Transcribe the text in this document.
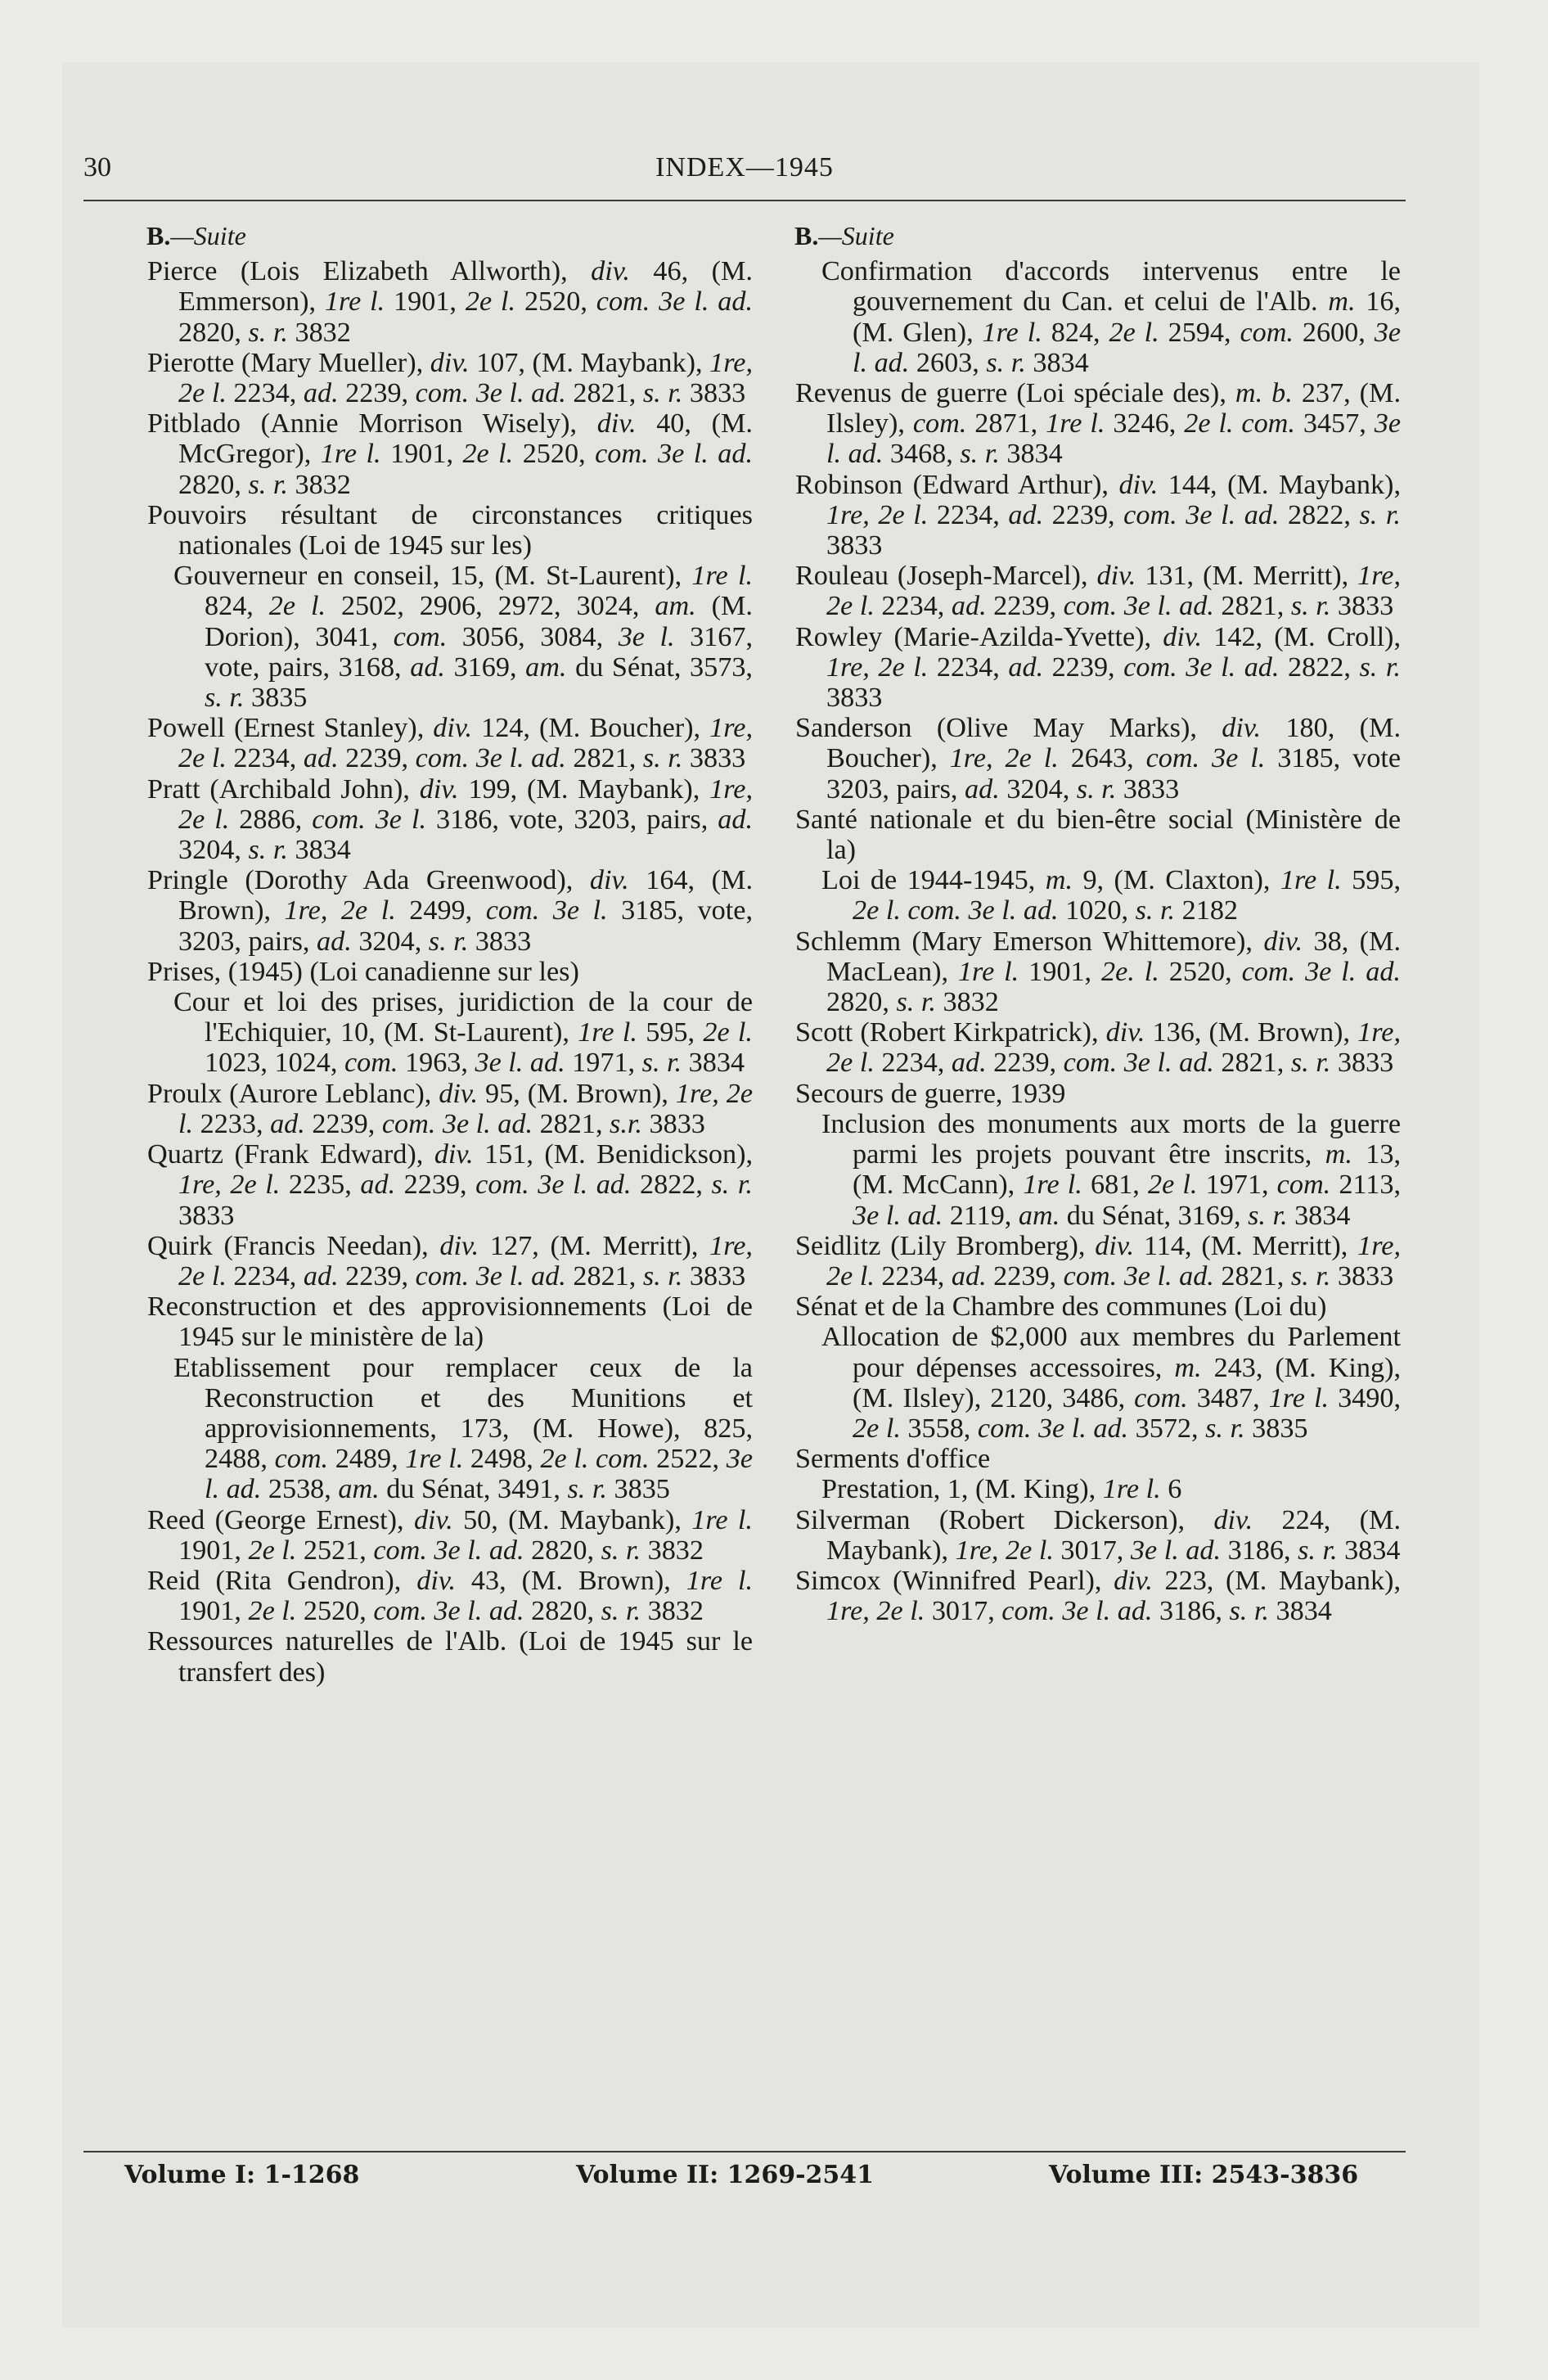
30	INDEX—1945
B.—Suite

Pierce (Lois Elizabeth Allworth), div. 46, (M. Emmerson), 1re l. 1901, 2e l. 2520, com. 3e l. ad. 2820, s. r. 3832

Pierotte (Mary Mueller), div. 107, (M. Maybank), 1re, 2e l. 2234, ad. 2239, com. 3e l. ad. 2821, s. r. 3833

Pitblado (Annie Morrison Wisely), div. 40, (M. McGregor), 1re l. 1901, 2e l. 2520, com. 3e l. ad. 2820, s. r. 3832

Pouvoirs résultant de circonstances critiques nationales (Loi de 1945 sur les)

Gouverneur en conseil, 15, (M. St-Laurent), 1re l. 824, 2e l. 2502, 2906, 2972, 3024, am. (M. Dorion), 3041, com. 3056, 3084, 3e l. 3167, vote, pairs, 3168, ad. 3169, am. du Sénat, 3573, s. r. 3835

Powell (Ernest Stanley), div. 124, (M. Boucher), 1re, 2e l. 2234, ad. 2239, com. 3e l. ad. 2821, s. r. 3833

Pratt (Archibald John), div. 199, (M. Maybank), 1re, 2e l. 2886, com. 3e l. 3186, vote, 3203, pairs, ad. 3204, s. r. 3834

Pringle (Dorothy Ada Greenwood), div. 164, (M. Brown), 1re, 2e l. 2499, com. 3e l. 3185, vote, 3203, pairs, ad. 3204, s. r. 3833

Prises, (1945) (Loi canadienne sur les)

Cour et loi des prises, juridiction de la cour de l'Echiquier, 10, (M. St-Laurent), 1re l. 595, 2e l. 1023, 1024, com. 1963, 3e l. ad. 1971, s. r. 3834

Proulx (Aurore Leblanc), div. 95, (M. Brown), 1re, 2e l. 2233, ad. 2239, com. 3e l. ad. 2821, s.r. 3833

Quartz (Frank Edward), div. 151, (M. Benidickson), 1re, 2e l. 2235, ad. 2239, com. 3e l. ad. 2822, s. r. 3833

Quirk (Francis Needan), div. 127, (M. Merritt), 1re, 2e l. 2234, ad. 2239, com. 3e l. ad. 2821, s. r. 3833

Reconstruction et des approvisionnements (Loi de 1945 sur le ministère de la)

Etablissement pour remplacer ceux de la Reconstruction et des Munitions et approvisionnements, 173, (M. Howe), 825, 2488, com. 2489, 1re l. 2498, 2e l. com. 2522, 3e l. ad. 2538, am. du Sénat, 3491, s. r. 3835

Reed (George Ernest), div. 50, (M. Maybank), 1re l. 1901, 2e l. 2521, com. 3e l. ad. 2820, s. r. 3832

Reid (Rita Gendron), div. 43, (M. Brown), 1re l. 1901, 2e l. 2520, com. 3e l. ad. 2820, s. r. 3832

Ressources naturelles de l'Alb. (Loi de 1945 sur le transfert des)

B.—Suite

Confirmation d'accords intervenus entre le gouvernement du Can. et celui de l'Alb. m. 16, (M. Glen), 1re l. 824, 2e l. 2594, com. 2600, 3e l. ad. 2603, s. r. 3834

Revenus de guerre (Loi spéciale des), m. b. 237, (M. Ilsley), com. 2871, 1re l. 3246, 2e l. com. 3457, 3e l. ad. 3468, s. r. 3834

Robinson (Edward Arthur), div. 144, (M. Maybank), 1re, 2e l. 2234, ad. 2239, com. 3e l. ad. 2822, s. r. 3833

Rouleau (Joseph-Marcel), div. 131, (M. Merritt), 1re, 2e l. 2234, ad. 2239, com. 3e l. ad. 2821, s. r. 3833

Rowley (Marie-Azilda-Yvette), div. 142, (M. Croll), 1re, 2e l. 2234, ad. 2239, com. 3e l. ad. 2822, s. r. 3833

Sanderson (Olive May Marks), div. 180, (M. Boucher), 1re, 2e l. 2643, com. 3e l. 3185, vote 3203, pairs, ad. 3204, s. r. 3833

Santé nationale et du bien-être social (Ministère de la)

Loi de 1944-1945, m. 9, (M. Claxton), 1re l. 595, 2e l. com. 3e l. ad. 1020, s. r. 2182

Schlemm (Mary Emerson Whittemore), div. 38, (M. MacLean), 1re l. 1901, 2e. l. 2520, com. 3e l. ad. 2820, s. r. 3832

Scott (Robert Kirkpatrick), div. 136, (M. Brown), 1re, 2e l. 2234, ad. 2239, com. 3e l. ad. 2821, s. r. 3833

Secours de guerre, 1939

Inclusion des monuments aux morts de la guerre parmi les projets pouvant être inscrits, m. 13, (M. McCann), 1re l. 681, 2e l. 1971, com. 2113, 3e l. ad. 2119, am. du Sénat, 3169, s. r. 3834

Seidlitz (Lily Bromberg), div. 114, (M. Merritt), 1re, 2e l. 2234, ad. 2239, com. 3e l. ad. 2821, s. r. 3833

Sénat et de la Chambre des communes (Loi du)

Allocation de $2,000 aux membres du Parlement pour dépenses accessoires, m. 243, (M. King), (M. Ilsley), 2120, 3486, com. 3487, 1re l. 3490, 2e l. 3558, com. 3e l. ad. 3572, s. r. 3835

Serments d'office

Prestation, 1, (M. King), 1re l. 6

Silverman (Robert Dickerson), div. 224, (M. Maybank), 1re, 2e l. 3017, 3e l. ad. 3186, s. r. 3834

Simcox (Winnifred Pearl), div. 223, (M. Maybank), 1re, 2e l. 3017, com. 3e l. ad. 3186, s. r. 3834

Volume I: 1-1268	Volume II: 1269-2541	Volume III: 2543-3836
